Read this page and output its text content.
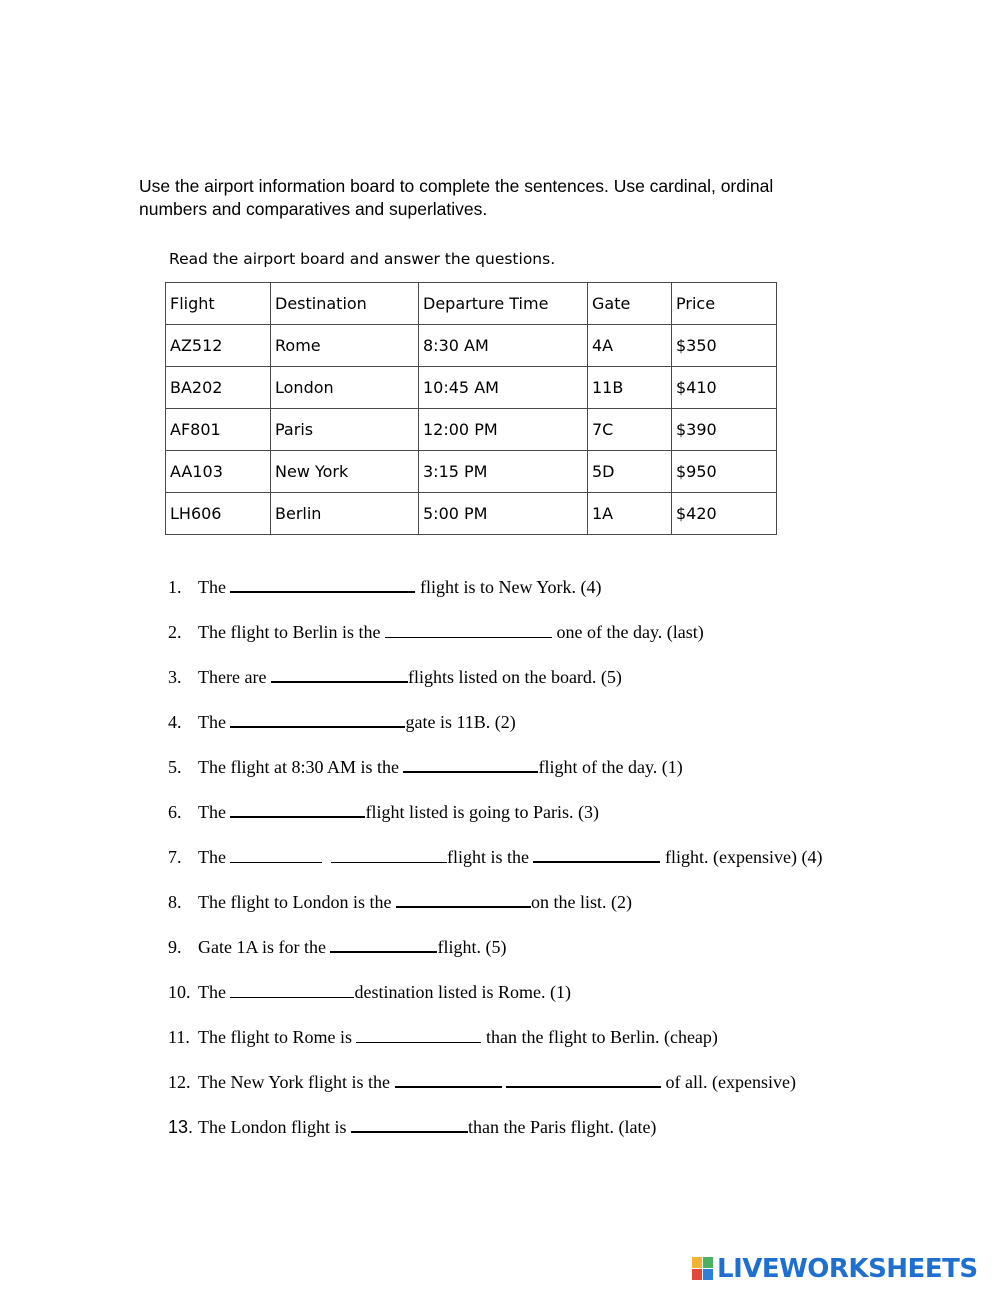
Use the airport information board to complete the sentences. Use cardinal, ordinal
numbers and comparatives and superlatives.
Read the airport board and answer the questions.
Flight	Destination	Departure Time	Gate	Price
AZ512	Rome	8:30 AM	4A	$350
BA202	London	10:45 AM	11B	$410
AF801	Paris	12:00 PM	7C	$390
AA103	New York	3:15 PM	5D	$950
LH606	Berlin	5:00 PM	1A	$420
1. The	flight is to New York. (4)
2. The flight to Berlin is the	one of the day. (last)
3. There are	flights listed on the board. (5)
4. The	gate is 11B. (2)
5. The flight at 8:30 AM is the	flight of the day. (1)
6. The	flight listed is going to Paris. (3)
7. The	flight is the	flight. (expensive) (4)
8. The flight to London is the	on the list. (2)
9. Gate 1A is for the	flight. (5)
10. The	destination listed is Rome. (1)
11. The flight to Rome is	than the flight to Berlin. (cheap)
12. The New York flight is the	of all. (expensive)
13. The London flight is	than the Paris flight. (late)
LIVEWORKSHEETS
